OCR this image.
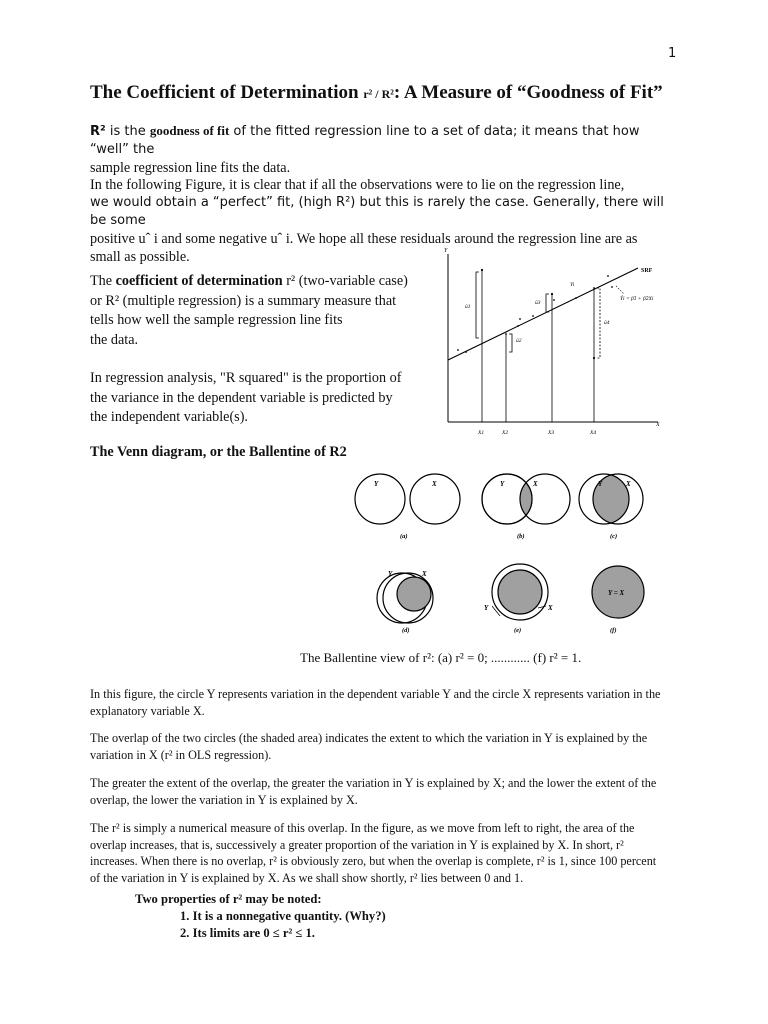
1
The Coefficient of Determination r² / R²: A Measure of “Goodness of Fit”

R² is the goodness of fit of the fitted regression line to a set of data; it means that how “well” the

sample regression line fits the data.

In the following Figure, it is clear that if all the observations were to lie on the regression line,

we would obtain a “perfect” fit, (high R²) but this is rarely the case. Generally, there will be some

positive uˆ i and some negative uˆ i. We hope all these residuals around the regression line are as

small as possible.

The coefficient of determination r² (two-variable case)

or R² (multiple regression) is a summary measure that

tells how well the sample regression line fits

the data.

In regression analysis, "R squared" is the proportion of

the variance in the dependent variable is predicted by

the independent variable(s).

Y
X
SRF
Ŷi = β̂1 + β̂2Xi
û1
û2
û3
û4
Yi
X1	X2	X3	X4
The Venn diagram, or the Ballentine of R2
Y	X	Y	X	Y	X
Y	X
Y	X
Y = X
(a)	(b)	(c)
(d)	(e)	(f)
The Ballentine view of r²: (a) r² = 0; ............ (f) r² = 1.

In this figure, the circle Y represents variation in the dependent variable Y and the circle X represents variation in the

explanatory variable X.

The overlap of the two circles (the shaded area) indicates the extent to which the variation in Y is explained by the

variation in X (r² in OLS regression).

The greater the extent of the overlap, the greater the variation in Y is explained by X; and the lower the extent of the

overlap, the lower the variation in Y is explained by X.

The r² is simply a numerical measure of this overlap. In the figure, as we move from left to right, the area of the

overlap increases, that is, successively a greater proportion of the variation in Y is explained by X. In short, r²

increases. When there is no overlap, r² is obviously zero, but when the overlap is complete, r² is 1, since 100 percent

of the variation in Y is explained by X. As we shall show shortly, r² lies between 0 and 1.

Two properties of r² may be noted:

1. It is a nonnegative quantity. (Why?)

2. Its limits are 0 ≤ r² ≤ 1.
